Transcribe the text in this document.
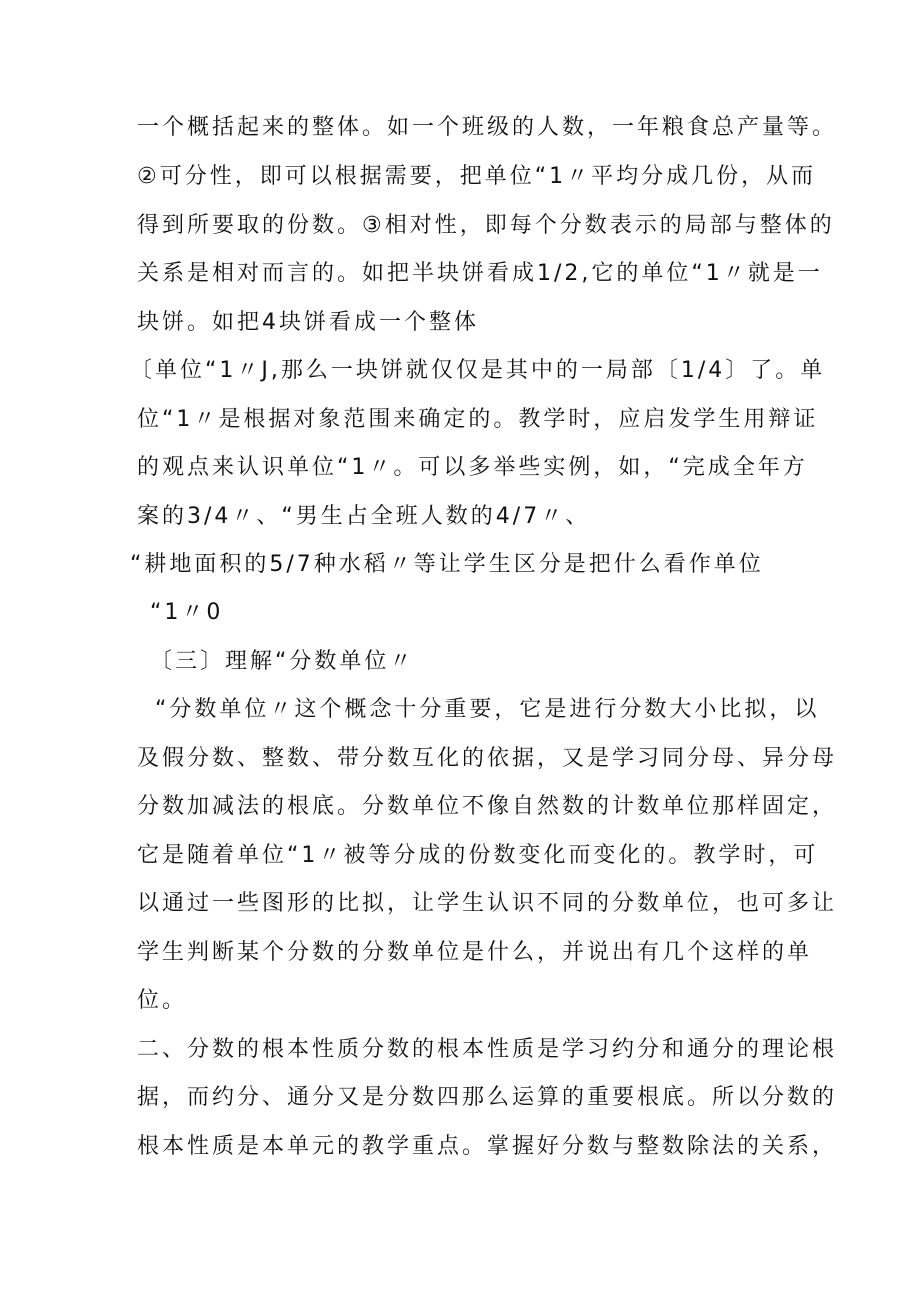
一个概括起来的整体。如一个班级的人数，一年粮食总产量等。
②可分性，即可以根据需要，把单位“1〃平均分成几份，从而
得到所要取的份数。③相对性，即每个分数表示的局部与整体的
关系是相对而言的。如把半块饼看成1/2,它的单位“1〃就是一
块饼。如把4块饼看成一个整体
〔单位“1〃J,那么一块饼就仅仅是其中的一局部〔1/4〕了。单
位“1〃是根据对象范围来确定的。教学时，应启发学生用辩证
的观点来认识单位“1〃。可以多举些实例，如，“完成全年方
案的3/4〃、“男生占全班人数的4/7〃、
“耕地面积的5/7种水稻〃等让学生区分是把什么看作单位
“1〃0
〔三〕理解“分数单位〃
“分数单位〃这个概念十分重要，它是进行分数大小比拟，以
及假分数、整数、带分数互化的依据，又是学习同分母、异分母
分数加减法的根底。分数单位不像自然数的计数单位那样固定，
它是随着单位“1〃被等分成的份数变化而变化的。教学时，可
以通过一些图形的比拟，让学生认识不同的分数单位，也可多让
学生判断某个分数的分数单位是什么，并说出有几个这样的单
位。
二、分数的根本性质分数的根本性质是学习约分和通分的理论根
据，而约分、通分又是分数四那么运算的重要根底。所以分数的
根本性质是本单元的教学重点。掌握好分数与整数除法的关系，
